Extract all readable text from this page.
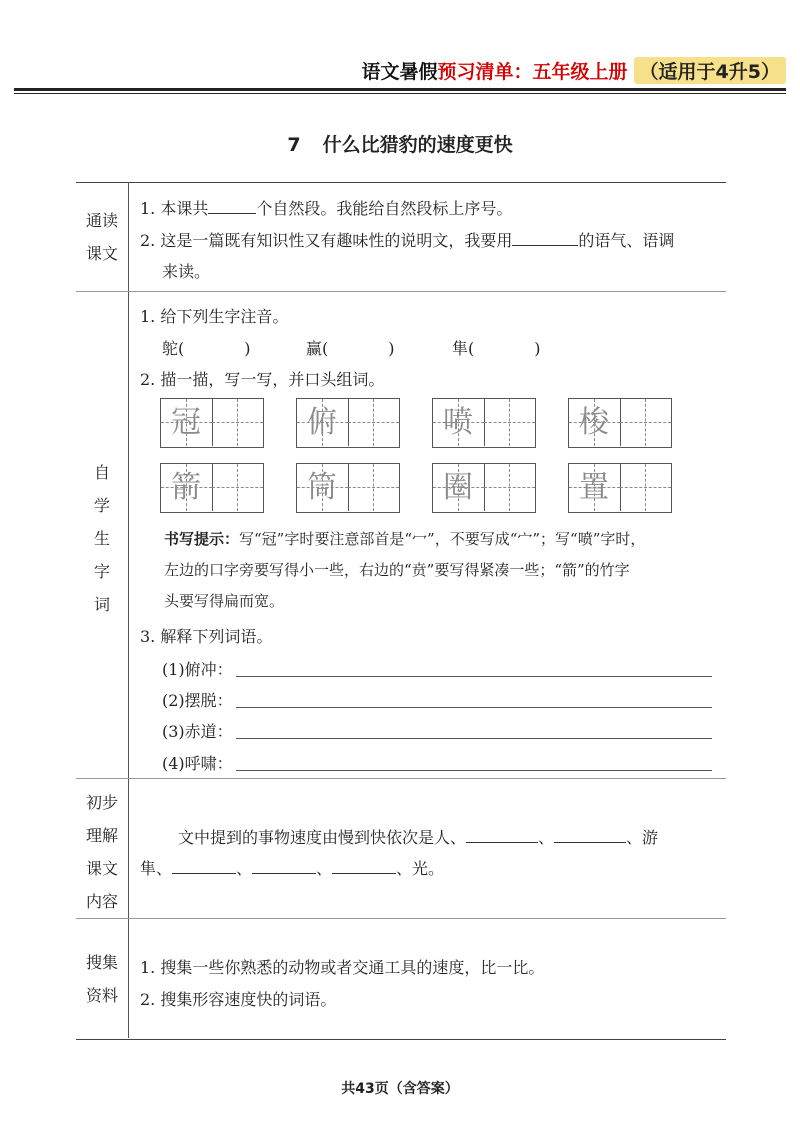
语文暑假 预习清单：五年级上册 （适用于4升5）
7 什么比猎豹的速度更快
通读
课文
1. 本课共	个自然段。我能给自然段标上序号。
2. 这是一篇既有知识性又有趣味性的说明文，我要用	的语气、语调
来读。
自
学
生
字
词
1. 给下列生字注音。
鸵(	)	赢(	)	隼(	)
2. 描一描，写一写，并口头组词。
冠	俯	喷	梭
箭	筒	圈	置
书写提示：写“冠”字时要注意部首是“冖”，不要写成“宀”；写“喷”字时，
左边的口字旁要写得小一些，右边的“贲”要写得紧凑一些；“箭”的竹字
头要写得扁而宽。
3. 解释下列词语。
(1)俯冲：
(2)摆脱：
(3)赤道：
(4)呼啸：
初步
理解
课文
内容
文中提到的事物速度由慢到快依次是人、	、	、游
隼、	、	、	、光。
搜集
资料
1. 搜集一些你熟悉的动物或者交通工具的速度，比一比。
2. 搜集形容速度快的词语。
共43页（含答案）
